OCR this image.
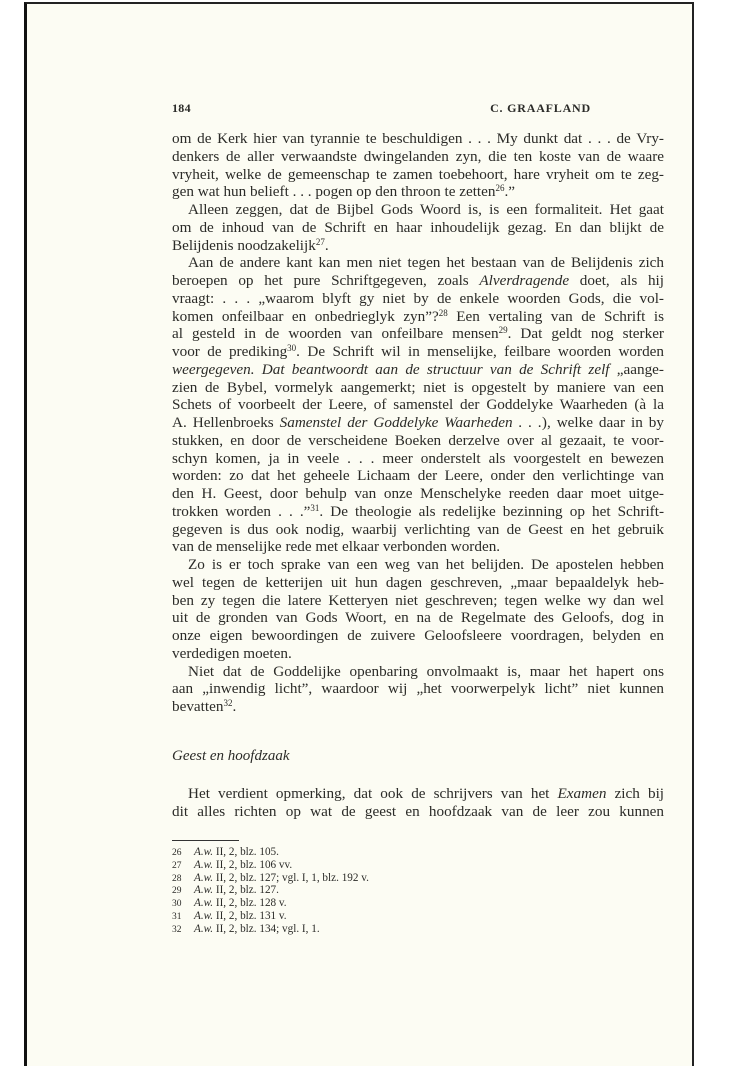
184	C. GRAAFLAND
om de Kerk hier van tyrannie te beschuldigen . . . My dunkt dat . . . de Vry-
denkers de aller verwaandste dwingelanden zyn, die ten koste van de waare
vryheit, welke de gemeenschap te zamen toebehoort, hare vryheit om te zeg-
gen wat hun belieft . . . pogen op den throon te zetten$^{26}$.”
Alleen zeggen, dat de Bijbel Gods Woord is, is een formaliteit. Het gaat
om de inhoud van de Schrift en haar inhoudelijk gezag. En dan blijkt de
Belijdenis noodzakelijk$^{27}$.
Aan de andere kant kan men niet tegen het bestaan van de Belijdenis zich
beroepen op het pure Schriftgegeven, zoals Alverdragende doet, als hij
vraagt: . . . „waarom blyft gy niet by de enkele woorden Gods, die vol-
komen onfeilbaar en onbedrieglyk zyn”?$^{28}$ Een vertaling van de Schrift is
al gesteld in de woorden van onfeilbare mensen$^{29}$. Dat geldt nog sterker
voor de prediking$^{30}$. De Schrift wil in menselijke, feilbare woorden worden
weergegeven. Dat beantwoordt aan de structuur van de Schrift zelf „aange-
zien de Bybel, vormelyk aangemerkt; niet is opgestelt by maniere van een
Schets of voorbeelt der Leere, of samenstel der Goddelyke Waarheden (à la
A. Hellenbroeks Samenstel der Goddelyke Waarheden . . .), welke daar in by
stukken, en door de verscheidene Boeken derzelve over al gezaait, te voor-
schyn komen, ja in veele . . . meer onderstelt als voorgestelt en bewezen
worden: zo dat het geheele Lichaam der Leere, onder den verlichtinge van
den H. Geest, door behulp van onze Menschelyke reeden daar moet uitge-
trokken worden . . .”$^{31}$. De theologie als redelijke bezinning op het Schrift-
gegeven is dus ook nodig, waarbij verlichting van de Geest en het gebruik
van de menselijke rede met elkaar verbonden worden.
Zo is er toch sprake van een weg van het belijden. De apostelen hebben
wel tegen de ketterijen uit hun dagen geschreven, „maar bepaaldelyk heb-
ben zy tegen die latere Ketteryen niet geschreven; tegen welke wy dan wel
uit de gronden van Gods Woort, en na de Regelmate des Geloofs, dog in
onze eigen bewoordingen de zuivere Geloofsleere voordragen, belyden en
verdedigen moeten.
Niet dat de Goddelijke openbaring onvolmaakt is, maar het hapert ons
aan „inwendig licht”, waardoor wij „het voorwerpelyk licht” niet kunnen
bevatten$^{32}$.
Geest en hoofdzaak
Het verdient opmerking, dat ook de schrijvers van het Examen zich bij
dit alles richten op wat de geest en hoofdzaak van de leer zou kunnen
26 A.w. II, 2, blz. 105.
27 A.w. II, 2, blz. 106 vv.
28 A.w. II, 2, blz. 127; vgl. I, 1, blz. 192 v.
29 A.w. II, 2, blz. 127.
30 A.w. II, 2, blz. 128 v.
31 A.w. II, 2, blz. 131 v.
32 A.w. II, 2, blz. 134; vgl. I, 1.
